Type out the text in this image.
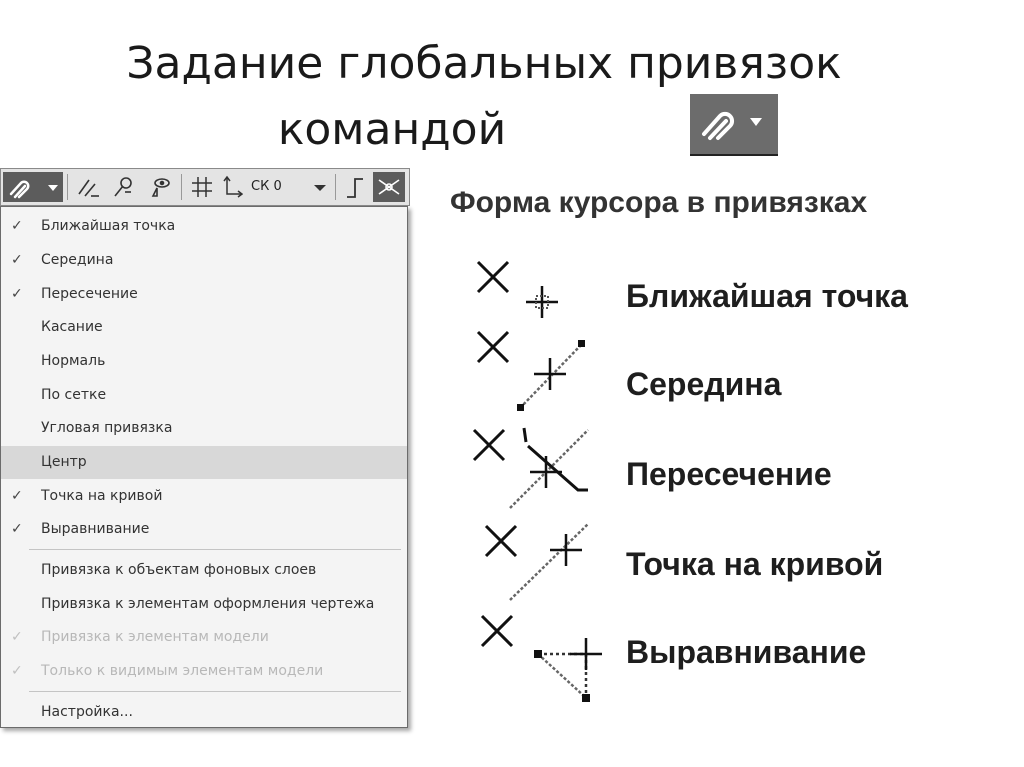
Задание глобальных привязок
командой
СК 0
✓ Ближайшая точка
✓ Середина
✓ Пересечение
Касание
Нормаль
По сетке
Угловая привязка
Центр
✓ Точка на кривой
✓ Выравнивание
Привязка к объектам фоновых слоев
Привязка к элементам оформления чертежа
✓ Привязка к элементам модели
✓ Только к видимым элементам модели
Настройка...
Форма курсора в привязках
Ближайшая точка
Середина
Пересечение
Точка на кривой
Выравнивание
